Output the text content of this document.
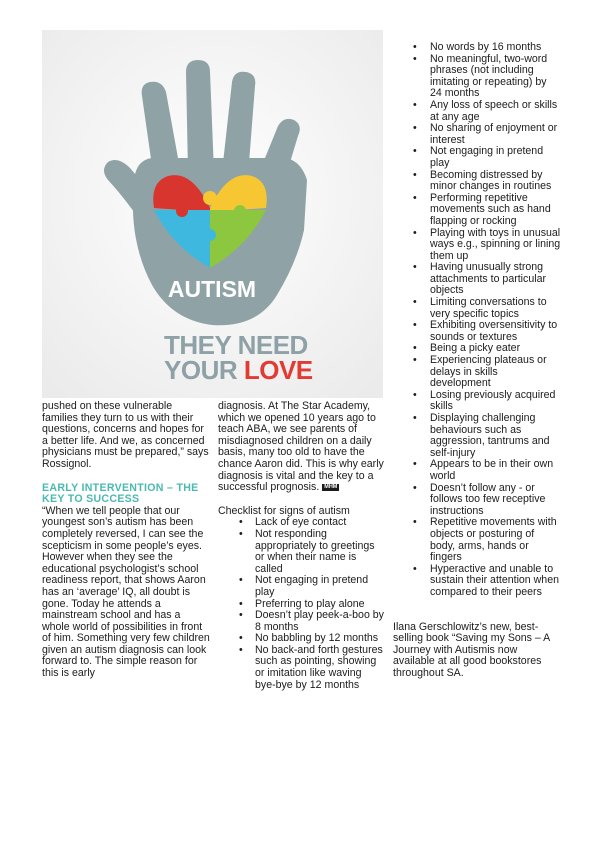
AUTISM
THEY NEED
YOUR LOVE

pushed on these vulnerable families they turn to us with their questions, concerns and hopes for a better life. And we, as concerned physicians must be prepared,” says Rossignol.

EARLY INTERVENTION – THE KEY TO SUCCESS

“When we tell people that our youngest son’s autism has been completely reversed, I can see the scepticism in some people’s eyes. However when they see the educational psychologist’s school readiness report, that shows Aaron has an ‘average’ IQ, all doubt is gone. Today he attends a mainstream school and has a whole world of possibilities in front of him. Something very few children given an autism diagnosis can look forward to. The simple reason for this is early

diagnosis. At The Star Academy, which we opened 10 years ago to teach ABA, we see parents of misdiagnosed children on a daily basis, many too old to have the chance Aaron did. This is why early diagnosis is vital and the key to a successful prognosis. MHM

Checklist for signs of autism

• Lack of eye contact
• Not responding appropriately to greetings or when their name is called
• Not engaging in pretend play
• Preferring to play alone
• Doesn’t play peek-a-boo by 8 months
• No babbling by 12 months
• No back-and forth gestures such as pointing, showing or imitation like waving bye-bye by 12 months
• No words by 16 months
• No meaningful, two-word phrases (not including imitating or repeating) by 24 months
• Any loss of speech or skills at any age
• No sharing of enjoyment or interest
• Not engaging in pretend play
• Becoming distressed by minor changes in routines
• Performing repetitive movements such as hand flapping or rocking
• Playing with toys in unusual ways e.g., spinning or lining them up
• Having unusually strong attachments to particular objects
• Limiting conversations to very specific topics
• Exhibiting oversensitivity to sounds or textures
• Being a picky eater
• Experiencing plateaus or delays in skills development
• Losing previously acquired skills
• Displaying challenging behaviours such as aggression, tantrums and self-injury
• Appears to be in their own world
• Doesn’t follow any - or follows too few receptive instructions
• Repetitive movements with objects or posturing of body, arms, hands or fingers
• Hyperactive and unable to sustain their attention when compared to their peers

Ilana Gerschlowitz’s new, best-selling book “Saving my Sons – A Journey with Autismis now available at all good bookstores throughout SA.
